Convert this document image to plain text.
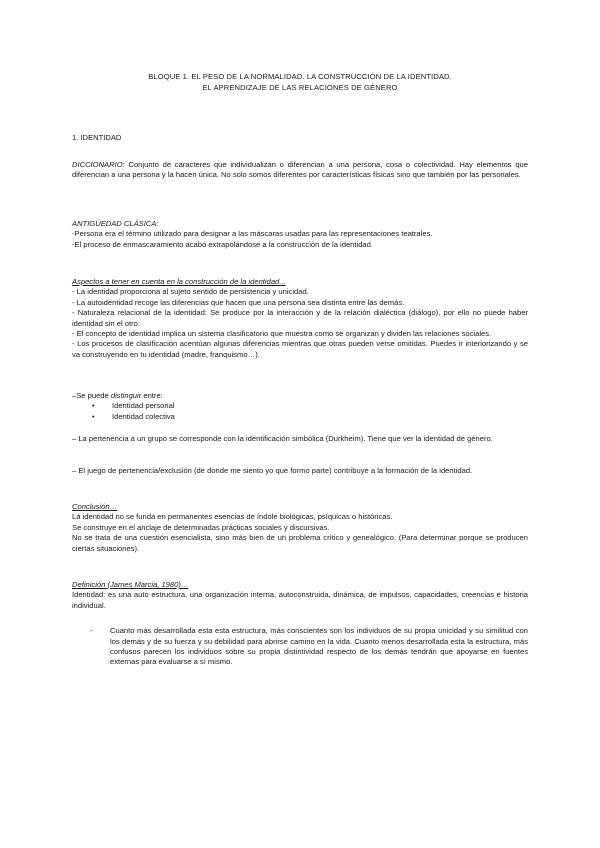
BLOQUE 1. EL PESO DE LA NORMALIDAD. LA CONSTRUCCIÓN DE LA IDENTIDAD.
EL APRENDIZAJE DE LAS RELACIONES DE GÉNERO
1. IDENTIDAD

DICCIONARIO: Conjunto de caracteres que individualizan o diferencian a una persona, cosa o colectividad. Hay elementos que diferencian a una persona y la hacen única. No solo somos diferentes por características físicas sino que también por las personales.

ANTIGÜEDAD CLÁSICA:
-Persona era el término utilizado para designar a las máscaras usadas para las representaciones teatrales.
-El proceso de enmascaramiento acabó extrapolándose a la construcción de la identidad.
Aspectos a tener en cuenta en la construcción de la identidad...

- La identidad proporciona al sujeto sentido de persistencia y unicidad.

- La autoidentidad recoge las diferencias que hacen que una persona sea distinta entre las demás.

- Naturaleza relacional de la identidad: Se produce por la interacción y de la relación dialéctica (diálogo), por ello no puede haber identidad sin el otro.

- El concepto de identidad implica un sistema clasificatorio que muestra como se organizan y dividen las relaciones sociales.

- Los procesos de clasificación acentúan algunas diferencias mientras que otras pueden verse omitidas. Puedes ir interiorizando y se va construyendo en tu identidad (madre, franquismo…).

–Se puede distinguir entre:
• Identidad personal
• Identidad colectiva

– La pertenencia a un grupo se corresponde con la identificación simbólica (Durkheim). Tiene que ver la identidad de género.

– El juego de pertenencia/exclusión (de donde me siento yo que formo parte) contribuye a la formación de la identidad.

Conclusión…

La identidad no se funda en permanentes esencias de índole biológicas, psíquicas o históricas.

Se construye en el anclaje de determinadas prácticas sociales y discursivas.

No se trata de una cuestión esencialista, sino más bien de un problema crítico y genealógico. (Para determinar porque se producen ciertas situaciones).

Definición (James Marcia, 1980)…

Identidad: es una auto estructura, una organización interna, autoconstruida, dinámica, de impulsos, capacidades, creencias e historia individual.

- Cuanto más desarrollada esta esta estructura, más conscientes son los individuos de su propia unicidad y su similitud con los demás y de su fuerza y su debilidad para abrirse camino en la vida. Cuanto menos desarrollada esta la estructura, más confusos parecen los individuos sobre su propia distintividad respecto de los demás tendrán que apoyarse en fuentes externas para evaluarse a sí mismo.
